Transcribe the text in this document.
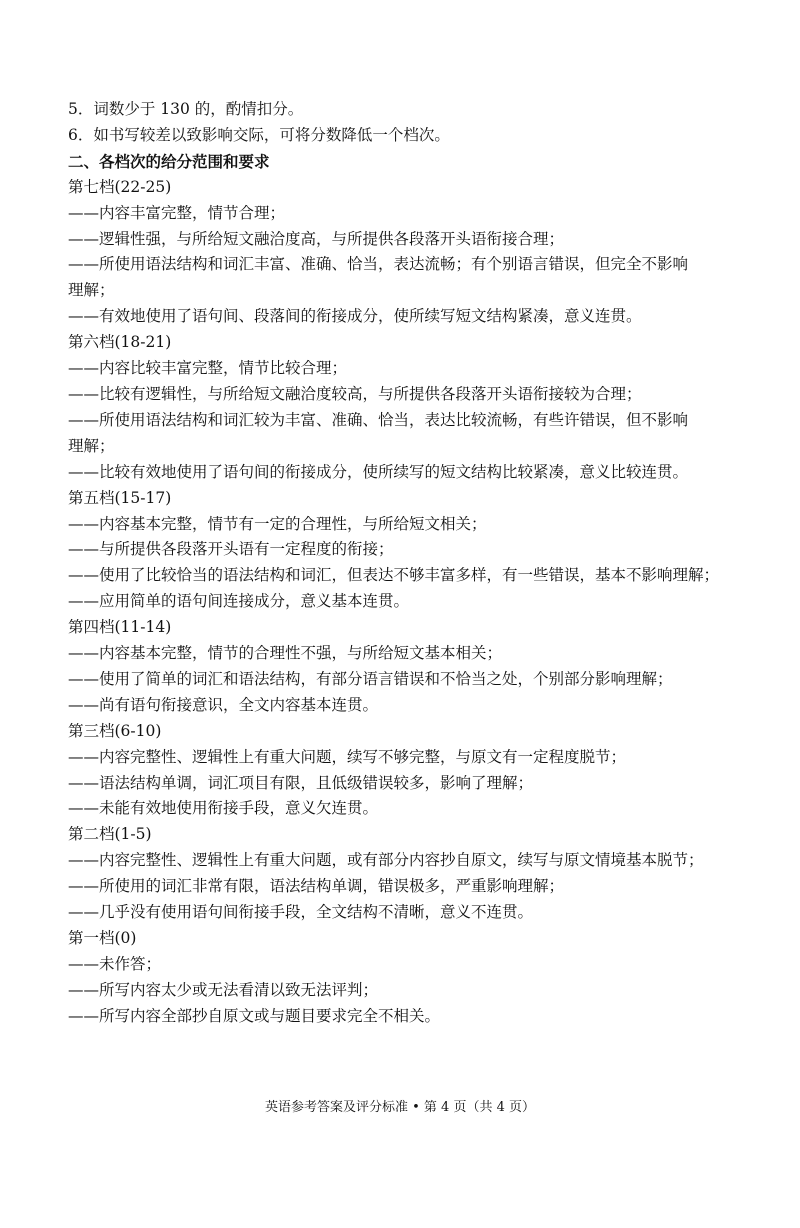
5．词数少于 130 的，酌情扣分。
6．如书写较差以致影响交际，可将分数降低一个档次。
二、各档次的给分范围和要求
第七档(22-25)
——内容丰富完整，情节合理；
——逻辑性强，与所给短文融洽度高，与所提供各段落开头语衔接合理；
——所使用语法结构和词汇丰富、准确、恰当，表达流畅；有个别语言错误，但完全不影响
理解；
——有效地使用了语句间、段落间的衔接成分，使所续写短文结构紧凑，意义连贯。
第六档(18-21)
——内容比较丰富完整，情节比较合理；
——比较有逻辑性，与所给短文融洽度较高，与所提供各段落开头语衔接较为合理；
——所使用语法结构和词汇较为丰富、准确、恰当，表达比较流畅，有些许错误，但不影响
理解；
——比较有效地使用了语句间的衔接成分，使所续写的短文结构比较紧凑，意义比较连贯。
第五档(15-17)
——内容基本完整，情节有一定的合理性，与所给短文相关；
——与所提供各段落开头语有一定程度的衔接；
——使用了比较恰当的语法结构和词汇，但表达不够丰富多样，有一些错误，基本不影响理解；
——应用简单的语句间连接成分，意义基本连贯。
第四档(11-14)
——内容基本完整，情节的合理性不强，与所给短文基本相关；
——使用了简单的词汇和语法结构，有部分语言错误和不恰当之处，个别部分影响理解；
——尚有语句衔接意识，全文内容基本连贯。
第三档(6-10)
——内容完整性、逻辑性上有重大问题，续写不够完整，与原文有一定程度脱节；
——语法结构单调，词汇项目有限，且低级错误较多，影响了理解；
——未能有效地使用衔接手段，意义欠连贯。
第二档(1-5)
——内容完整性、逻辑性上有重大问题，或有部分内容抄自原文，续写与原文情境基本脱节；
——所使用的词汇非常有限，语法结构单调，错误极多，严重影响理解；
——几乎没有使用语句间衔接手段，全文结构不清晰，意义不连贯。
第一档(0)
——未作答；
——所写内容太少或无法看清以致无法评判；
——所写内容全部抄自原文或与题目要求完全不相关。
英语参考答案及评分标准 • 第 4 页（共 4 页）
